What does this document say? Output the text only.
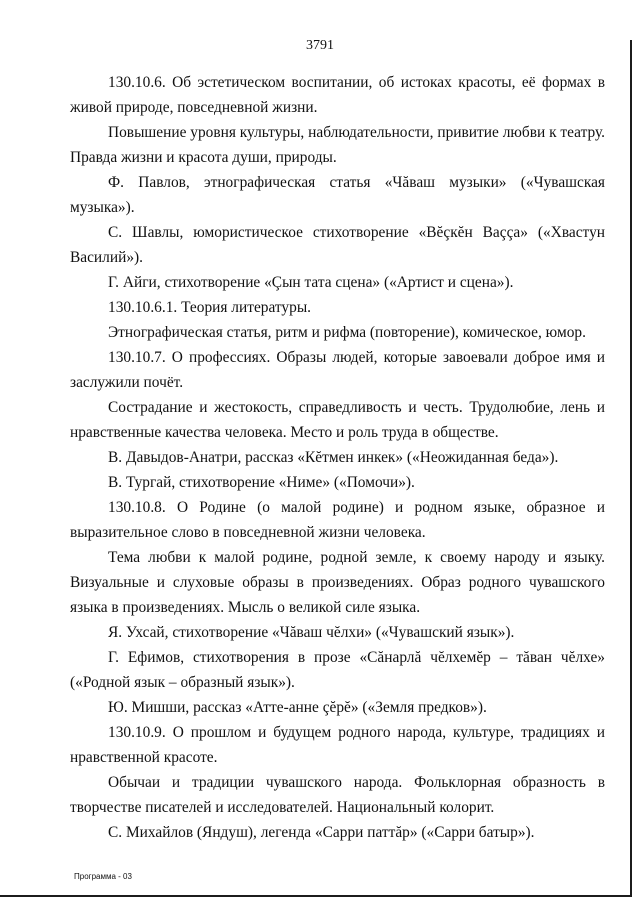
3791

130.10.6. Об эстетическом воспитании, об истоках красоты, её формах в живой природе, повседневной жизни.

Повышение уровня культуры, наблюдательности, привитие любви к театру. Правда жизни и красота души, природы.

Ф. Павлов, этнографическая статья «Чăваш музыки» («Чувашская музыка»).

С. Шавлы, юмористическое стихотворение «Вĕçкĕн Ваçça» («Хвастун Василий»).

Г. Айги, стихотворение «Çын тата сцена» («Артист и сцена»).

130.10.6.1. Теория литературы.

Этнографическая статья, ритм и рифма (повторение), комическое, юмор.

130.10.7. О профессиях. Образы людей, которые завоевали доброе имя и заслужили почёт.

Сострадание и жестокость, справедливость и честь. Трудолюбие, лень и нравственные качества человека. Место и роль труда в обществе.

В. Давыдов-Анатри, рассказ «Кĕтмен инкек» («Неожиданная беда»).

В. Тургай, стихотворение «Ниме» («Помочи»).

130.10.8. О Родине (о малой родине) и родном языке, образное и выразительное слово в повседневной жизни человека.

Тема любви к малой родине, родной земле, к своему народу и языку. Визуальные и слуховые образы в произведениях. Образ родного чувашского языка в произведениях. Мысль о великой силе языка.

Я. Ухсай, стихотворение «Чăваш чĕлхи» («Чувашский язык»).

Г. Ефимов, стихотворения в прозе «Сăнарлă чĕлхемĕр – тăван чĕлхе» («Родной язык – образный язык»).

Ю. Мишши, рассказ «Атте-анне çĕрĕ» («Земля предков»).

130.10.9. О прошлом и будущем родного народа, культуре, традициях и нравственной красоте.

Обычаи и традиции чувашского народа. Фольклорная образность в творчестве писателей и исследователей. Национальный колорит.

С. Михайлов (Яндуш), легенда «Сарри паттăр» («Сарри батыр»).

Программа - 03
